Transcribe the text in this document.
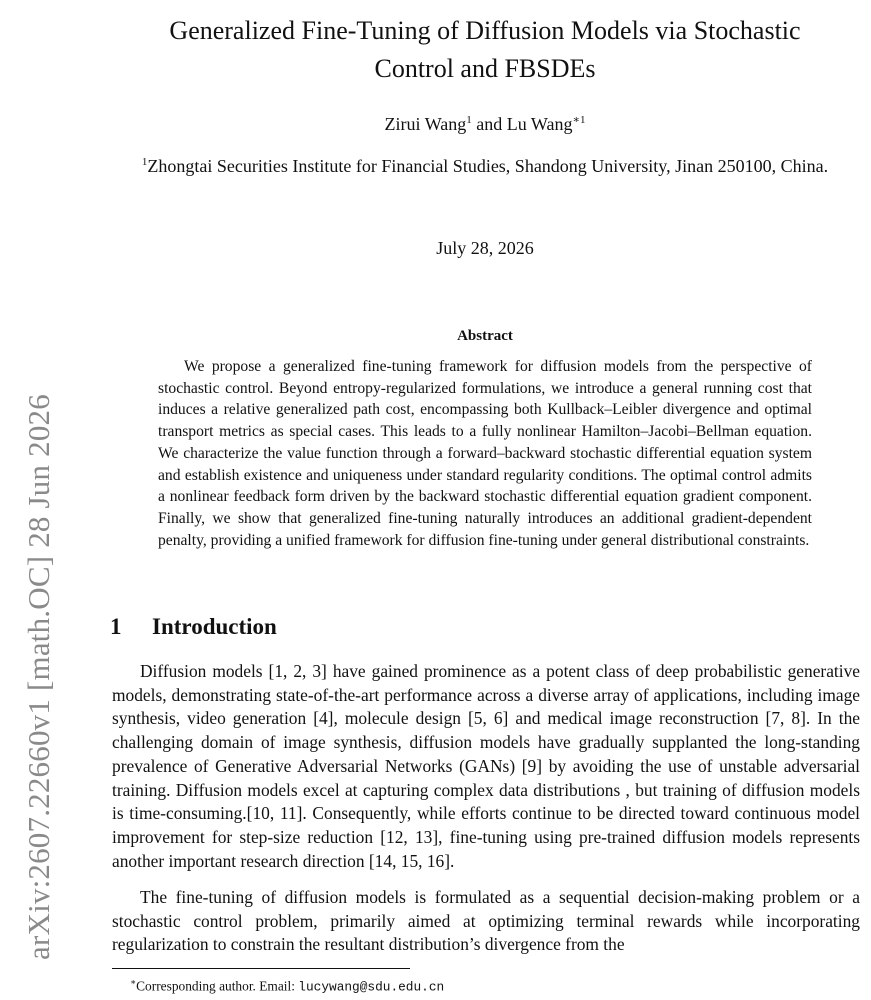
arXiv:2607.22660v1 [math.OC] 28 Jun 2026
Generalized Fine-Tuning of Diffusion Models via Stochastic
Control and FBSDEs
Zirui Wang$^1$ and Lu Wang$^{∗1}$
$^1$Zhongtai Securities Institute for Financial Studies, Shandong University, Jinan 250100, China.
July 28, 2026
Abstract

We propose a generalized fine-tuning framework for diffusion models from the perspective of stochastic control. Beyond entropy-regularized formulations, we introduce a general running cost that induces a relative generalized path cost, encompassing both Kullback–Leibler divergence and optimal transport metrics as special cases. This leads to a fully nonlinear Hamilton–Jacobi–Bellman equation. We characterize the value function through a forward–backward stochastic differential equation system and establish existence and uniqueness under standard regularity conditions. The optimal control admits a nonlinear feedback form driven by the backward stochastic differential equation gradient component. Finally, we show that generalized fine-tuning naturally introduces an additional gradient-dependent penalty, providing a unified framework for diffusion fine-tuning under general distributional constraints.

1 Introduction

Diffusion models [1, 2, 3] have gained prominence as a potent class of deep probabilistic generative models, demonstrating state-of-the-art performance across a diverse array of applications, including image synthesis, video generation [4], molecule design [5, 6] and medical image reconstruction [7, 8]. In the challenging domain of image synthesis, diffusion models have gradually supplanted the long-standing prevalence of Generative Adversarial Networks (GANs) [9] by avoiding the use of unstable adversarial training. Diffusion models excel at capturing complex data distributions , but training of diffusion models is time-consuming.[10, 11]. Consequently, while efforts continue to be directed toward continuous model improvement for step-size reduction [12, 13], fine-tuning using pre-trained diffusion models represents another important research direction [14, 15, 16].

The fine-tuning of diffusion models is formulated as a sequential decision-making problem or a stochastic control problem, primarily aimed at optimizing terminal rewards while incorporating regularization to constrain the resultant distribution’s divergence from the

∗Corresponding author. Email: lucywang@sdu.edu.cn
